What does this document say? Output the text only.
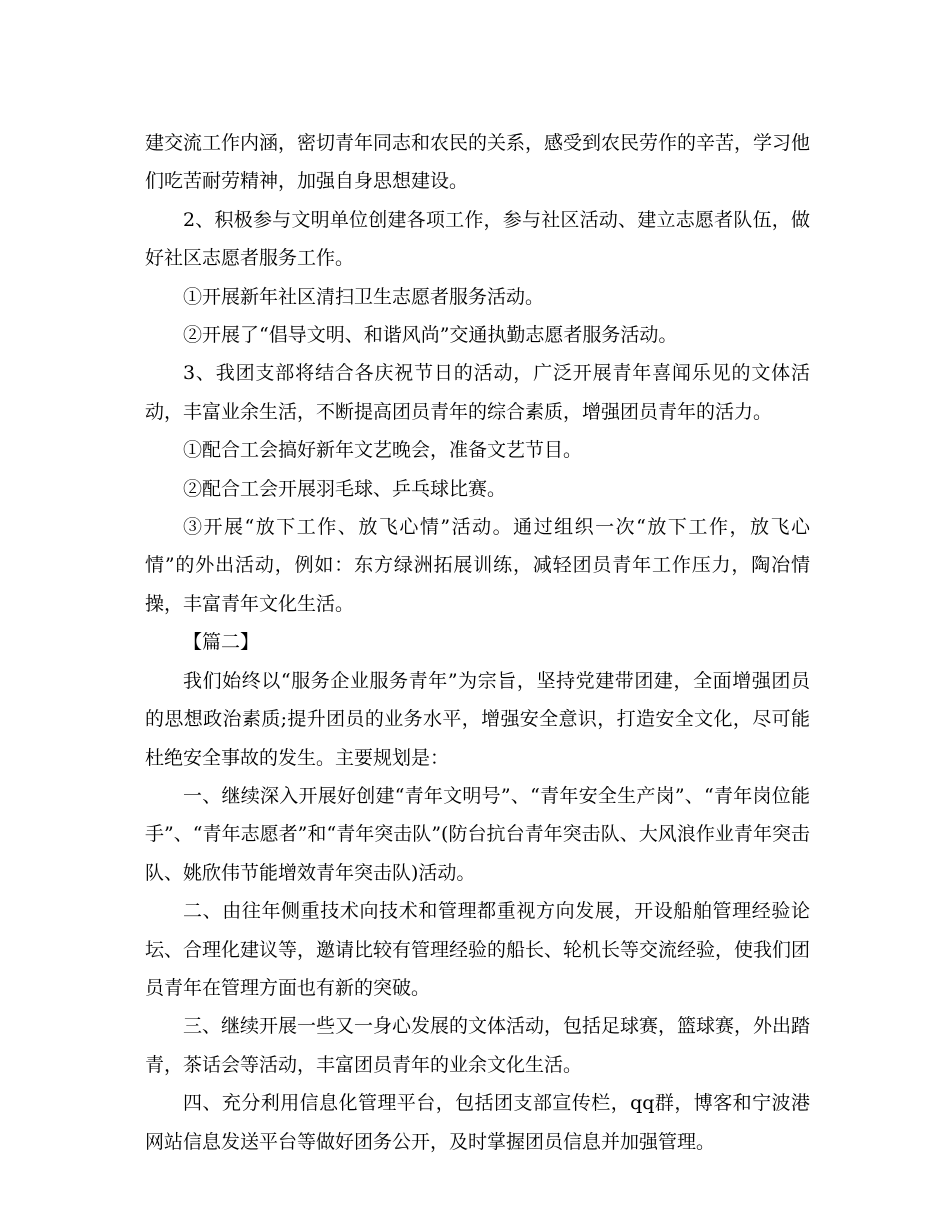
建交流工作内涵，密切青年同志和农民的关系，感受到农民劳作的辛苦，学习他们吃苦耐劳精神，加强自身思想建设。

2、积极参与文明单位创建各项工作，参与社区活动、建立志愿者队伍，做好社区志愿者服务工作。

①开展新年社区清扫卫生志愿者服务活动。

②开展了“倡导文明、和谐风尚”交通执勤志愿者服务活动。

3、我团支部将结合各庆祝节日的活动，广泛开展青年喜闻乐见的文体活动，丰富业余生活，不断提高团员青年的综合素质，增强团员青年的活力。

①配合工会搞好新年文艺晚会，准备文艺节目。

②配合工会开展羽毛球、乒乓球比赛。

③开展“放下工作、放飞心情”活动。通过组织一次“放下工作，放飞心情”的外出活动，例如：东方绿洲拓展训练，减轻团员青年工作压力，陶冶情操，丰富青年文化生活。

【篇二】

我们始终以“服务企业服务青年”为宗旨，坚持党建带团建，全面增强团员的思想政治素质;提升团员的业务水平，增强安全意识，打造安全文化，尽可能杜绝安全事故的发生。主要规划是：

一、继续深入开展好创建“青年文明号”、“青年安全生产岗”、“青年岗位能手”、“青年志愿者”和“青年突击队”(防台抗台青年突击队、大风浪作业青年突击队、姚欣伟节能增效青年突击队)活动。

二、由往年侧重技术向技术和管理都重视方向发展，开设船舶管理经验论坛、合理化建议等，邀请比较有管理经验的船长、轮机长等交流经验，使我们团员青年在管理方面也有新的突破。

三、继续开展一些又一身心发展的文体活动，包括足球赛，篮球赛，外出踏青，茶话会等活动，丰富团员青年的业余文化生活。

四、充分利用信息化管理平台，包括团支部宣传栏，qq群，博客和宁波港网站信息发送平台等做好团务公开，及时掌握团员信息并加强管理。
